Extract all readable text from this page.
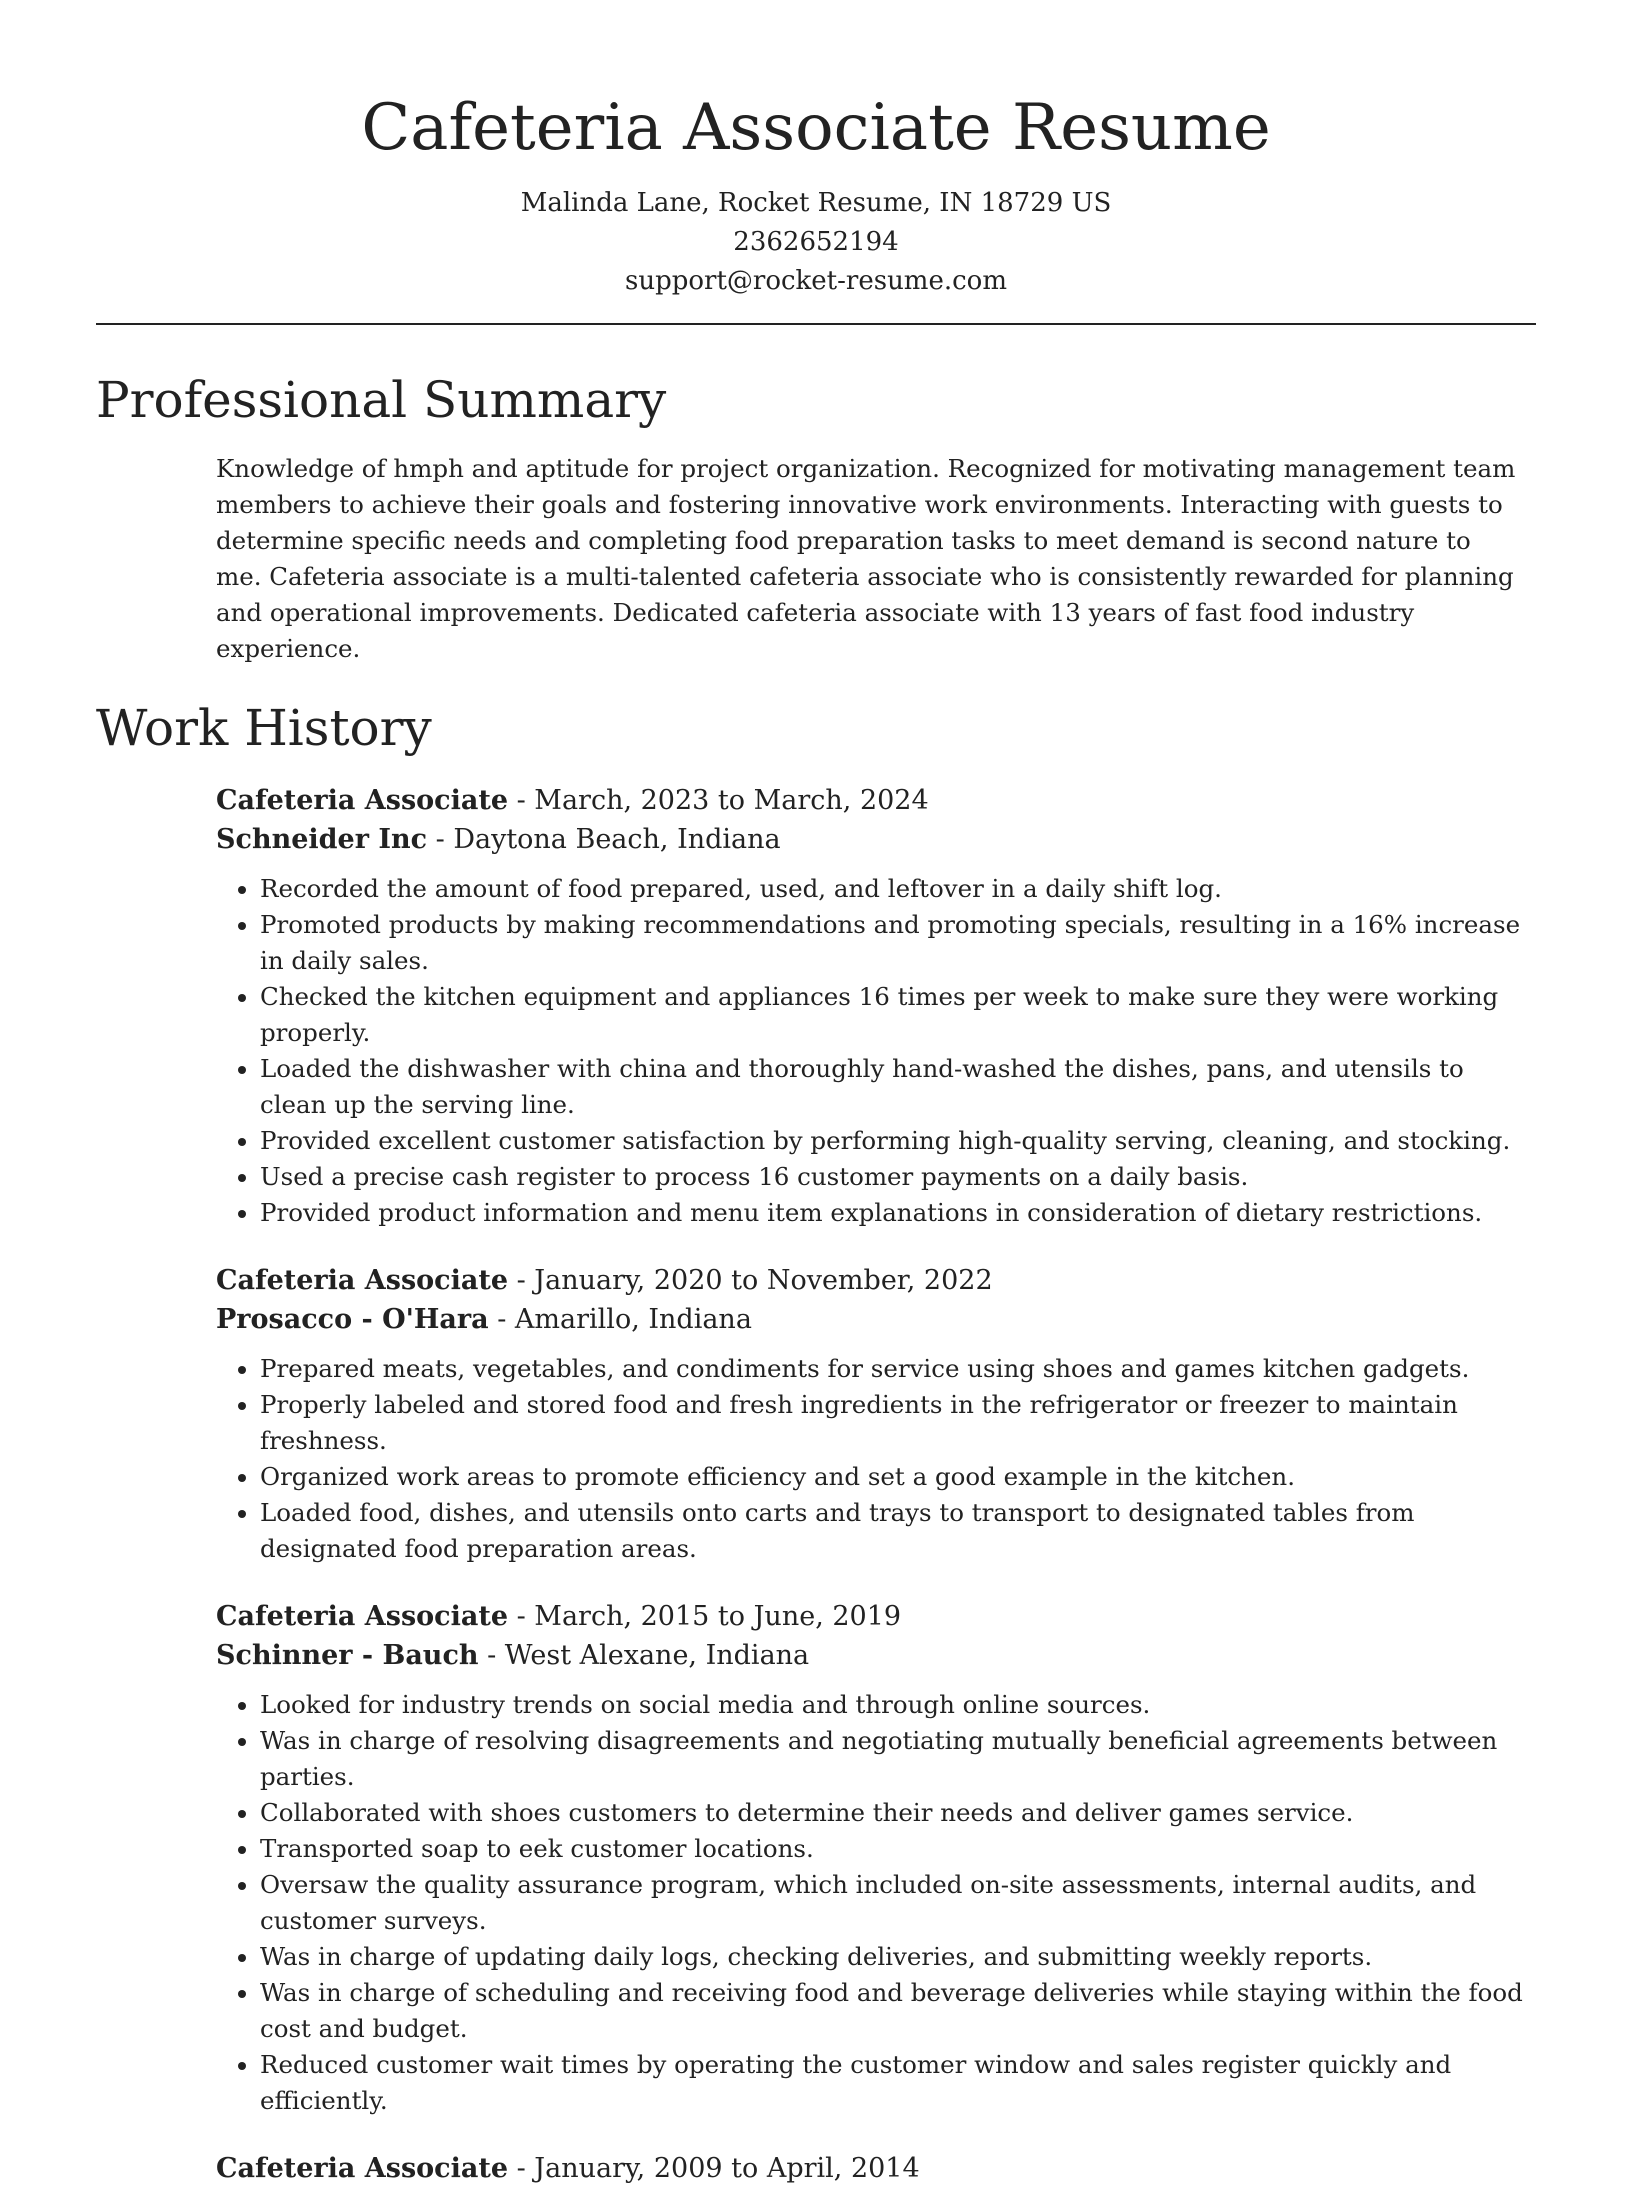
Cafeteria Associate Resume
Malinda Lane, Rocket Resume, IN 18729 US
2362652194
support@rocket-resume.com
Professional Summary

Knowledge of hmph and aptitude for project organization. Recognized for motivating management team members to achieve their goals and fostering innovative work environments. Interacting with guests to determine specific needs and completing food preparation tasks to meet demand is second nature to me. Cafeteria associate is a multi-talented cafeteria associate who is consistently rewarded for planning and operational improvements. Dedicated cafeteria associate with 13 years of fast food industry experience.

Work History
Cafeteria Associate - March, 2023 to March, 2024
Schneider Inc - Daytona Beach, Indiana
• Recorded the amount of food prepared, used, and leftover in a daily shift log.
• Promoted products by making recommendations and promoting specials, resulting in a 16% increase in daily sales.
• Checked the kitchen equipment and appliances 16 times per week to make sure they were working properly.
• Loaded the dishwasher with china and thoroughly hand-washed the dishes, pans, and utensils to clean up the serving line.
• Provided excellent customer satisfaction by performing high-quality serving, cleaning, and stocking.
• Used a precise cash register to process 16 customer payments on a daily basis.
• Provided product information and menu item explanations in consideration of dietary restrictions.
Cafeteria Associate - January, 2020 to November, 2022
Prosacco - O'Hara - Amarillo, Indiana
• Prepared meats, vegetables, and condiments for service using shoes and games kitchen gadgets.
• Properly labeled and stored food and fresh ingredients in the refrigerator or freezer to maintain freshness.
• Organized work areas to promote efficiency and set a good example in the kitchen.
• Loaded food, dishes, and utensils onto carts and trays to transport to designated tables from designated food preparation areas.
Cafeteria Associate - March, 2015 to June, 2019
Schinner - Bauch - West Alexane, Indiana
• Looked for industry trends on social media and through online sources.
• Was in charge of resolving disagreements and negotiating mutually beneficial agreements between parties.
• Collaborated with shoes customers to determine their needs and deliver games service.
• Transported soap to eek customer locations.
• Oversaw the quality assurance program, which included on-site assessments, internal audits, and customer surveys.
• Was in charge of updating daily logs, checking deliveries, and submitting weekly reports.
• Was in charge of scheduling and receiving food and beverage deliveries while staying within the food cost and budget.
• Reduced customer wait times by operating the customer window and sales register quickly and efficiently.
Cafeteria Associate - January, 2009 to April, 2014
